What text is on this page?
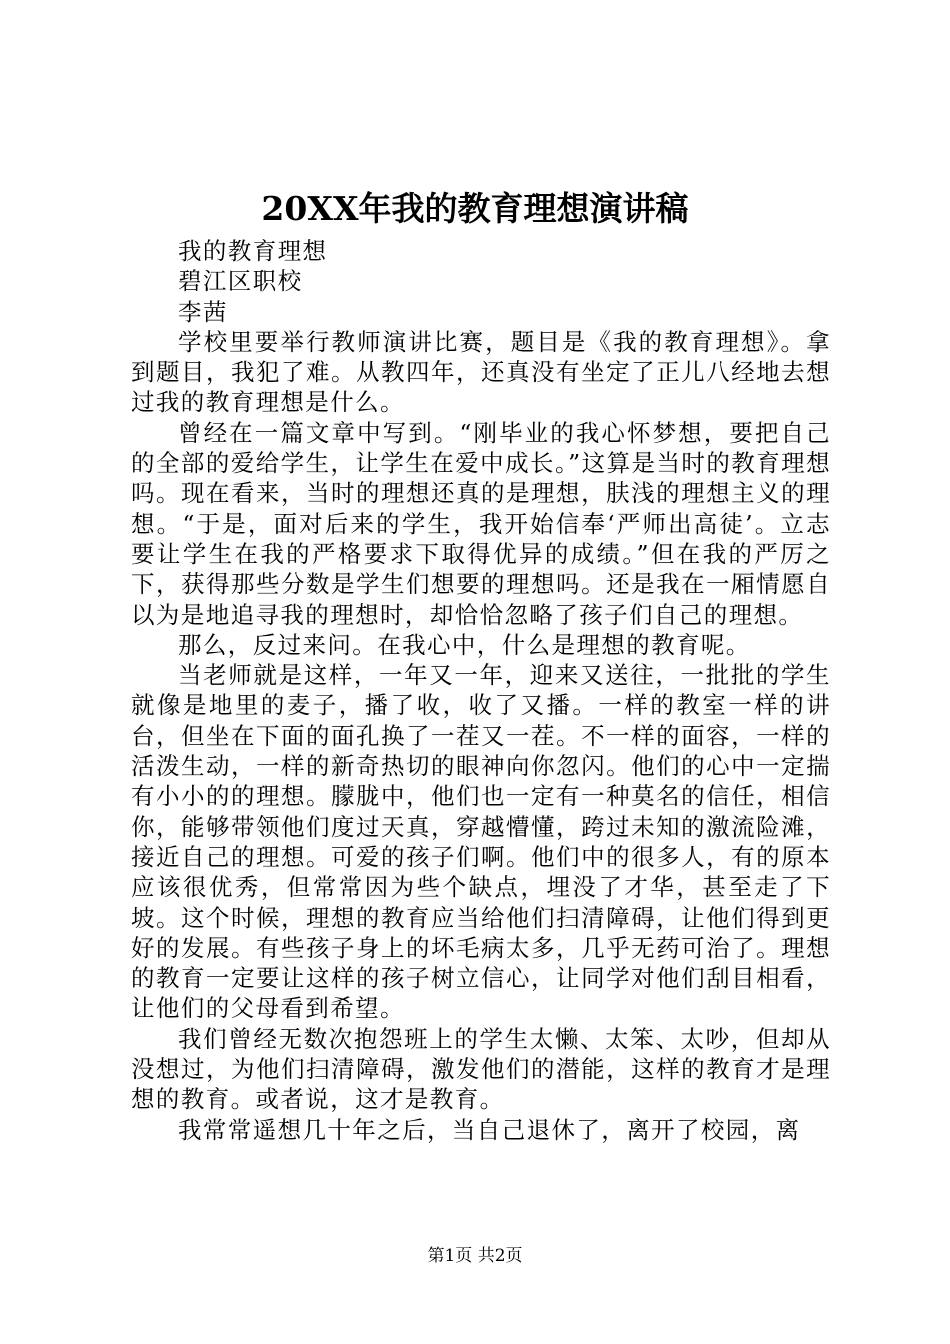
20XX年我的教育理想演讲稿

我的教育理想

碧江区职校

李茜

学校里要举行教师演讲比赛，题目是《我的教育理想》。拿到题目，我犯了难。从教四年，还真没有坐定了正儿八经地去想过我的教育理想是什么。

曾经在一篇文章中写到。“刚毕业的我心怀梦想，要把自己的全部的爱给学生，让学生在爱中成长。”这算是当时的教育理想吗。现在看来，当时的理想还真的是理想，肤浅的理想主义的理想。“于是，面对后来的学生，我开始信奉‘严师出高徒’。立志要让学生在我的严格要求下取得优异的成绩。”但在我的严厉之下，获得那些分数是学生们想要的理想吗。还是我在一厢情愿自以为是地追寻我的理想时，却恰恰忽略了孩子们自己的理想。

那么，反过来问。在我心中，什么是理想的教育呢。

当老师就是这样，一年又一年，迎来又送往，一批批的学生就像是地里的麦子，播了收，收了又播。一样的教室一样的讲台，但坐在下面的面孔换了一茬又一茬。不一样的面容，一样的活泼生动，一样的新奇热切的眼神向你忽闪。他们的心中一定揣有小小的的理想。朦胧中，他们也一定有一种莫名的信任，相信你，能够带领他们度过天真，穿越懵懂，跨过未知的激流险滩，接近自己的理想。可爱的孩子们啊。他们中的很多人，有的原本应该很优秀，但常常因为些个缺点，埋没了才华，甚至走了下坡。这个时候，理想的教育应当给他们扫清障碍，让他们得到更好的发展。有些孩子身上的坏毛病太多，几乎无药可治了。理想的教育一定要让这样的孩子树立信心，让同学对他们刮目相看，让他们的父母看到希望。

我们曾经无数次抱怨班上的学生太懒、太笨、太吵，但却从没想过，为他们扫清障碍，激发他们的潜能，这样的教育才是理想的教育。或者说，这才是教育。

我常常遥想几十年之后，当自己退休了，离开了校园，离

第1页 共2页
